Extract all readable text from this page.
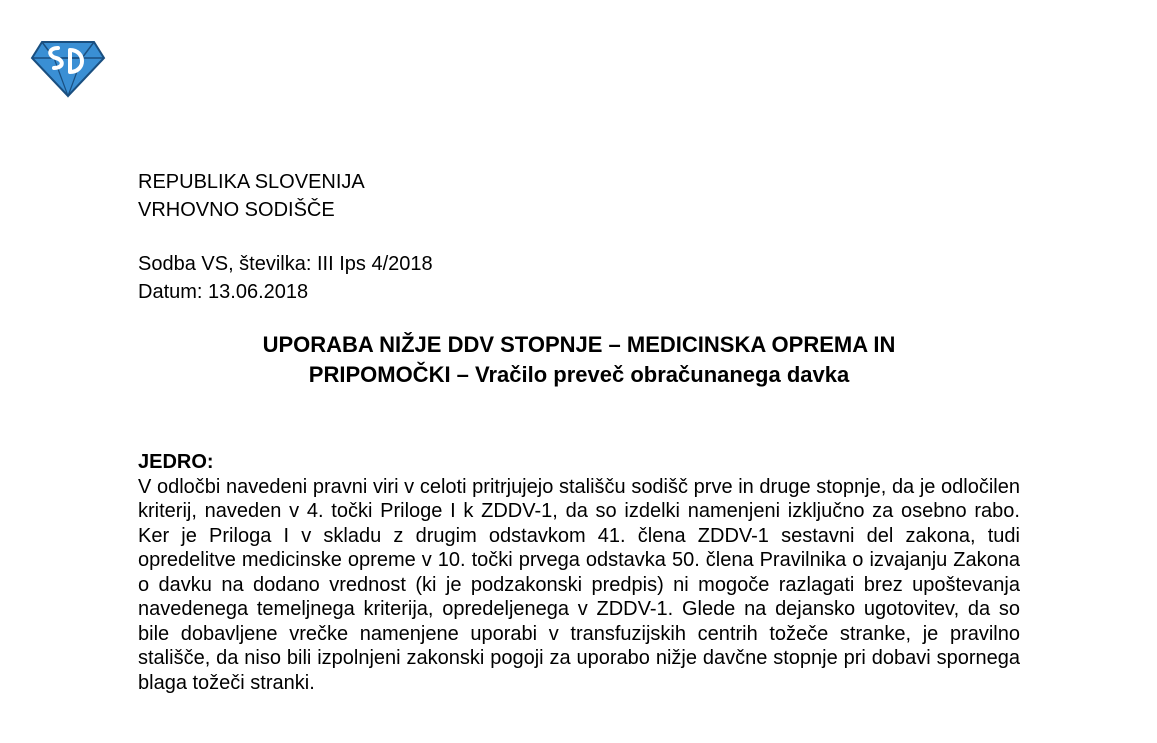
REPUBLIKA SLOVENIJA
VRHOVNO SODIŠČE
Sodba VS, številka: III Ips 4/2018
Datum: 13.06.2018
UPORABA NIŽJE DDV STOPNJE – MEDICINSKA OPREMA IN
PRIPOMOČKI – Vračilo preveč obračunanega davka
JEDRO:

V odločbi navedeni pravni viri v celoti pritrjujejo stališču sodišč prve in druge stopnje, da je odločilen kriterij, naveden v 4. točki Priloge I k ZDDV-1, da so izdelki namenjeni izključno za osebno rabo. Ker je Priloga I v skladu z drugim odstavkom 41. člena ZDDV-1 sestavni del zakona, tudi opredelitve medicinske opreme v 10. točki prvega odstavka 50. člena Pravilnika o izvajanju Zakona o davku na dodano vrednost (ki je podzakonski predpis) ni mogoče razlagati brez upoštevanja navedenega temeljnega kriterija, opredeljenega v ZDDV-1. Glede na dejansko ugotovitev, da so bile dobavljene vrečke namenjene uporabi v transfuzijskih centrih tožeče stranke, je pravilno stališče, da niso bili izpolnjeni zakonski pogoji za uporabo nižje davčne stopnje pri dobavi spornega blaga tožeči stranki.
